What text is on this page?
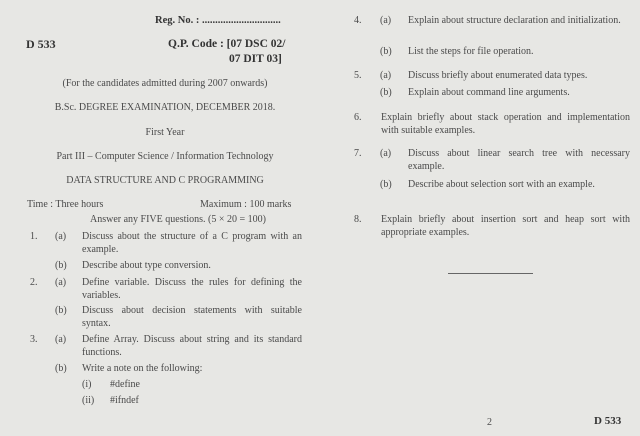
Reg. No. : ..............................
D 533	Q.P. Code : [07 DSC 02/
07 DIT 03]
(For the candidates admitted during 2007 onwards)
B.Sc. DEGREE EXAMINATION, DECEMBER 2018.
First Year
Part III – Computer Science / Information Technology
DATA STRUCTURE AND C PROGRAMMING
Time : Three hours	Maximum : 100 marks
Answer any FIVE questions. (5 × 20 = 100)
1. (a) Discuss about the structure of a C program with an example.
(b) Describe about type conversion.
2. (a) Define variable. Discuss the rules for defining the variables.
(b) Discuss about decision statements with suitable syntax.
3. (a) Define Array. Discuss about string and its standard functions.
(b) Write a note on the following:
(i) #define
(ii) #ifndef
4. (a) Explain about structure declaration and initialization.
(b) List the steps for file operation.
5. (a) Discuss briefly about enumerated data types.
(b) Explain about command line arguments.
6. Explain briefly about stack operation and implementation with suitable examples.
7. (a) Discuss about linear search tree with necessary example.
(b) Describe about selection sort with an example.
8. Explain briefly about insertion sort and heap sort with appropriate examples.
2	D 533
